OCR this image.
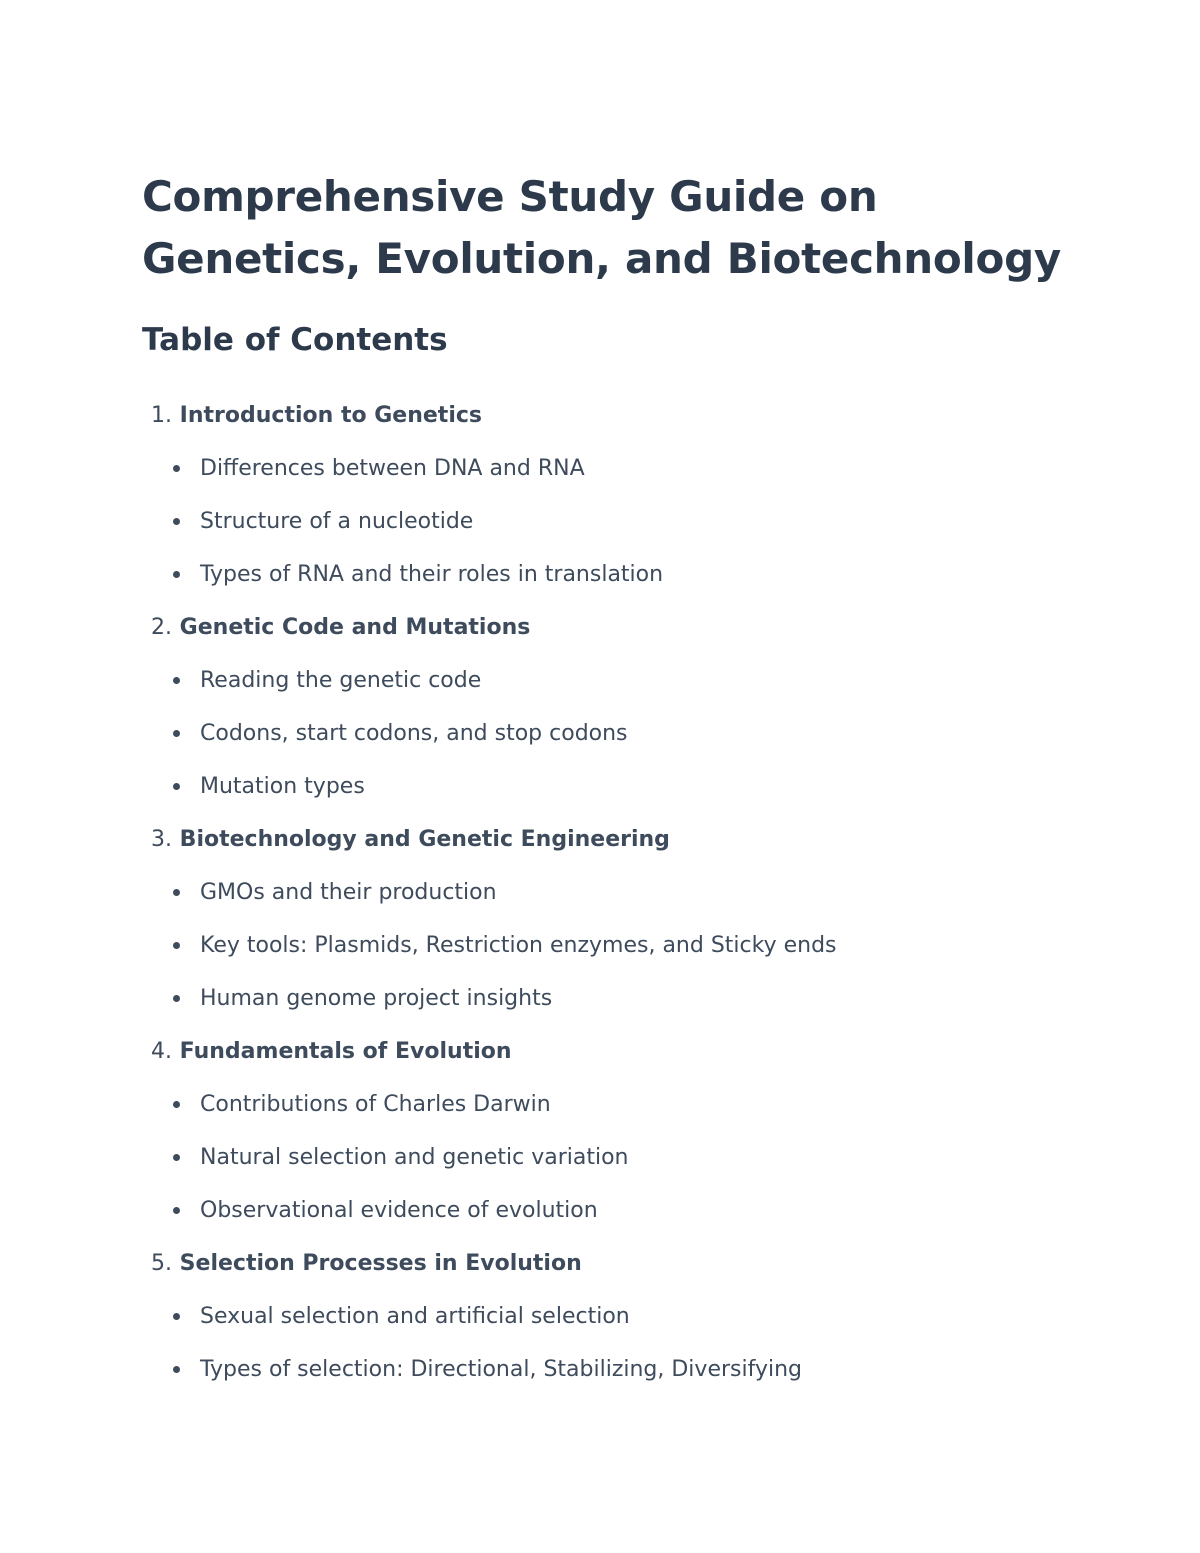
Comprehensive Study Guide on
Genetics, Evolution, and Biotechnology
Table of Contents
1.
Introduction to Genetics
Differences between DNA and RNA
Structure of a nucleotide
Types of RNA and their roles in translation
2.
Genetic Code and Mutations
Reading the genetic code
Codons, start codons, and stop codons
Mutation types
3.
Biotechnology and Genetic Engineering
GMOs and their production
Key tools: Plasmids, Restriction enzymes, and Sticky ends
Human genome project insights
4.
Fundamentals of Evolution
Contributions of Charles Darwin
Natural selection and genetic variation
Observational evidence of evolution
5.
Selection Processes in Evolution
Sexual selection and artificial selection
Types of selection: Directional, Stabilizing, Diversifying
